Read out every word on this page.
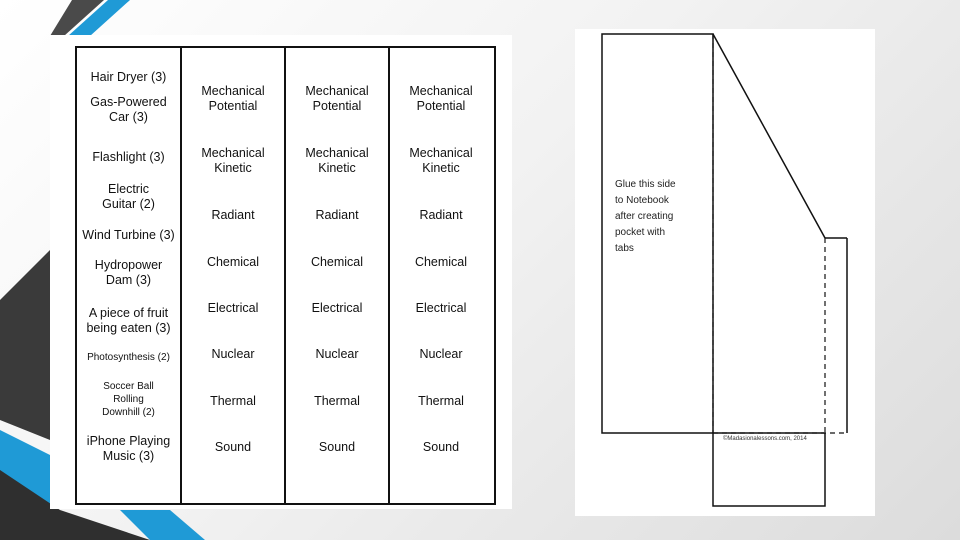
Hair Dryer (3)
Gas-Powered
Car (3)
Flashlight (3)
Electric
Guitar (2)
Wind Turbine (3)
Hydropower
Dam (3)
A piece of fruit
being eaten (3)
Photosynthesis (2)
Soccer Ball
Rolling
Downhill (2)
iPhone Playing
Music (3)
Mechanical
Potential
Mechanical
Kinetic
Radiant
Chemical
Electrical
Nuclear
Thermal
Sound
Mechanical
Potential
Mechanical
Kinetic
Radiant
Chemical
Electrical
Nuclear
Thermal
Sound
Mechanical
Potential
Mechanical
Kinetic
Radiant
Chemical
Electrical
Nuclear
Thermal
Sound
Glue this side
to Notebook
after creating
pocket with
tabs
©Madasionalessons.com, 2014
